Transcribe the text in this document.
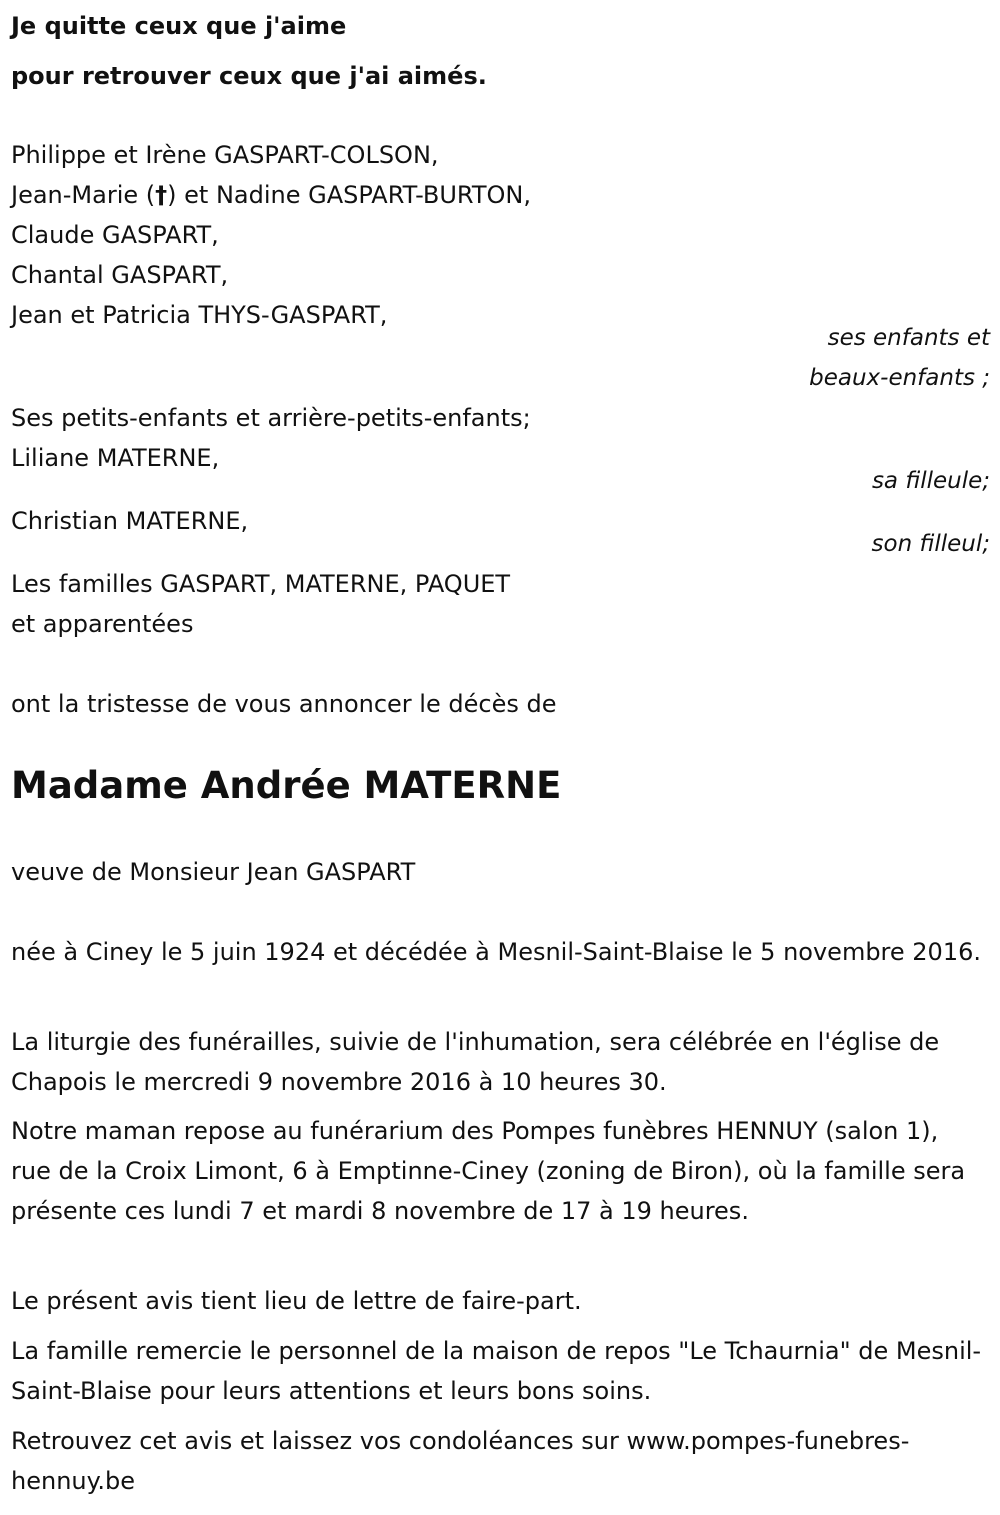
Je quitte ceux que j'aime
pour retrouver ceux que j'ai aimés.
Philippe et Irène GASPART-COLSON,
Jean-Marie (†) et Nadine GASPART-BURTON,
Claude GASPART,
Chantal GASPART,
Jean et Patricia THYS-GASPART,
ses enfants et
beaux-enfants ;
Ses petits-enfants et arrière-petits-enfants;
Liliane MATERNE,
sa filleule;
Christian MATERNE,
son filleul;
Les familles GASPART, MATERNE, PAQUET
et apparentées
ont la tristesse de vous annoncer le décès de
Madame Andrée MATERNE
veuve de Monsieur Jean GASPART
née à Ciney le 5 juin 1924 et décédée à Mesnil-Saint-Blaise le 5 novembre 2016.
La liturgie des funérailles, suivie de l'inhumation, sera célébrée en l'église de Chapois le mercredi 9 novembre 2016 à 10 heures 30.
Notre maman repose au funérarium des Pompes funèbres HENNUY (salon 1), rue de la Croix Limont, 6 à Emptinne-Ciney (zoning de Biron), où la famille sera présente ces lundi 7 et mardi 8 novembre de 17 à 19 heures.
Le présent avis tient lieu de lettre de faire-part.
La famille remercie le personnel de la maison de repos "Le Tchaurnia" de Mesnil-Saint-Blaise pour leurs attentions et leurs bons soins.
Retrouvez cet avis et laissez vos condoléances sur www.pompes-funebres-hennuy.be
